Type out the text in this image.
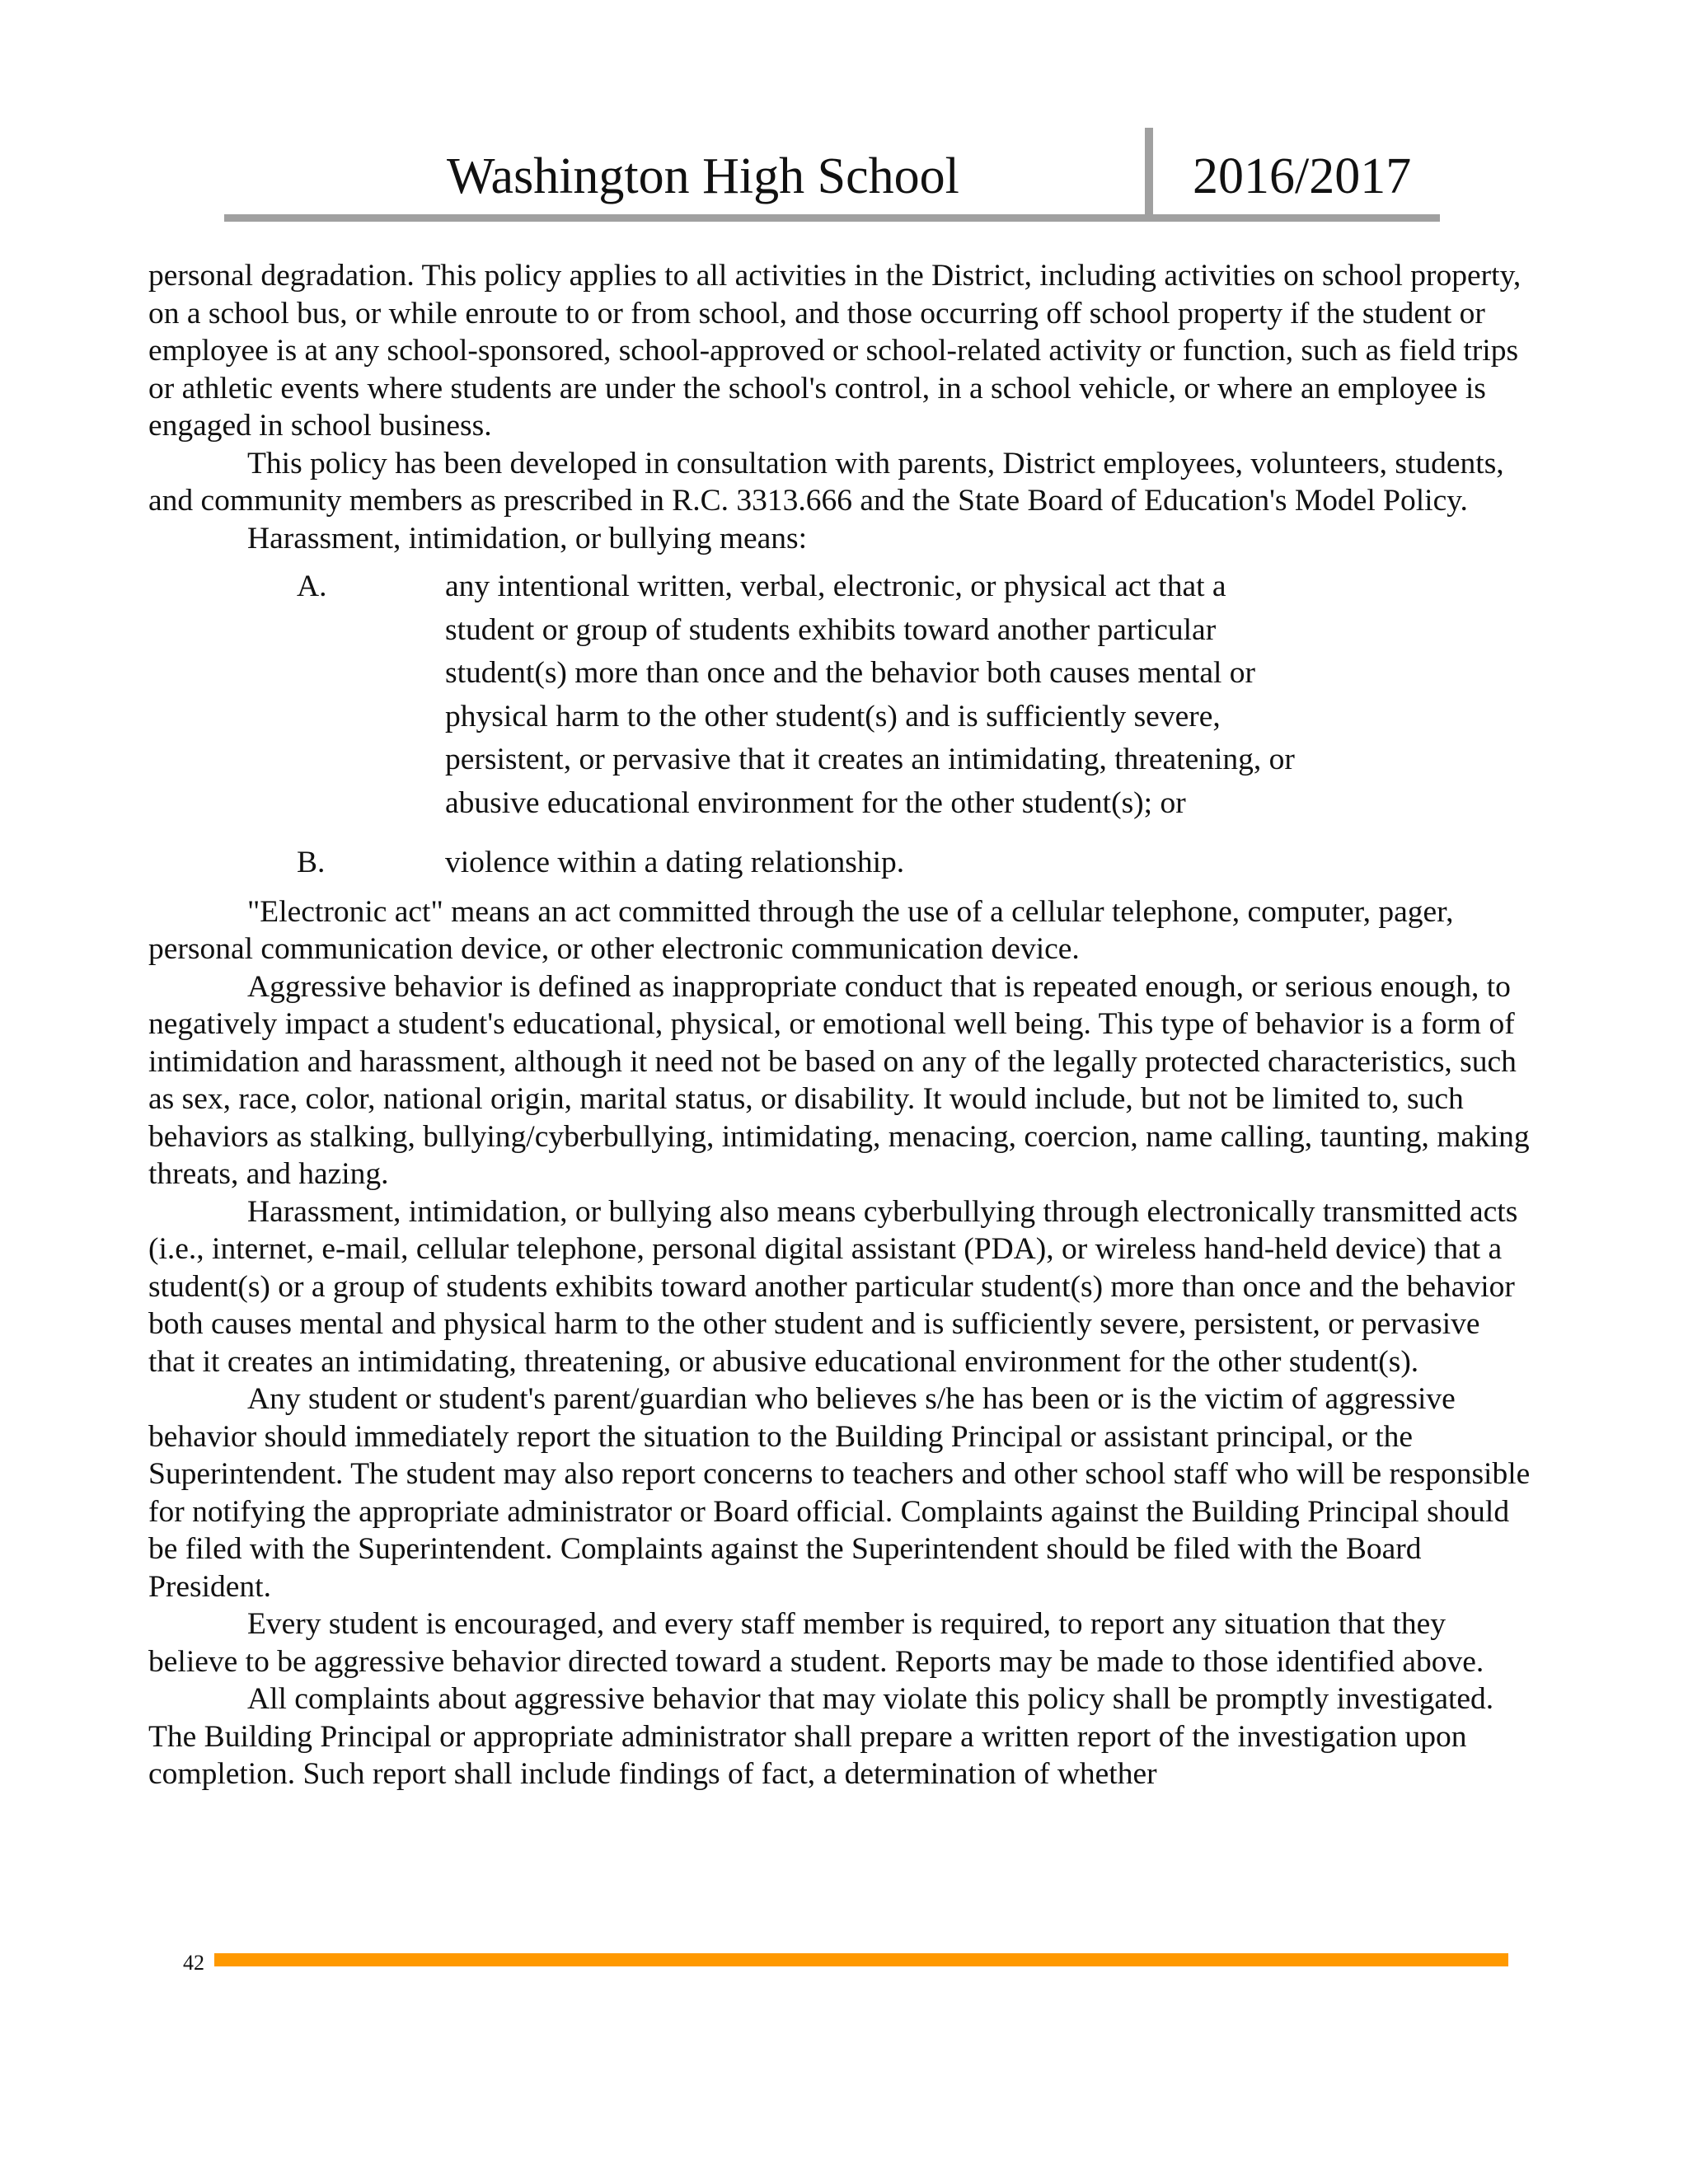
Washington High School	2016/2017

personal degradation. This policy applies to all activities in the District, including activities on school property, on a school bus, or while enroute to or from school, and those occurring off school property if the student or employee is at any school-sponsored, school-approved or school-related activity or function, such as field trips or athletic events where students are under the school's control, in a school vehicle, or where an employee is engaged in school business.

This policy has been developed in consultation with parents, District employees, volunteers, students, and community members as prescribed in R.C. 3313.666 and the State Board of Education's Model Policy.

Harassment, intimidation, or bullying means:

A.	any intentional written, verbal, electronic, or physical act that a student or group of students exhibits toward another particular student(s) more than once and the behavior both causes mental or physical harm to the other student(s) and is sufficiently severe, persistent, or pervasive that it creates an intimidating, threatening, or abusive educational environment for the other student(s); or
B.	violence within a dating relationship.

"Electronic act" means an act committed through the use of a cellular telephone, computer, pager, personal communication device, or other electronic communication device.

Aggressive behavior is defined as inappropriate conduct that is repeated enough, or serious enough, to negatively impact a student's educational, physical, or emotional well being. This type of behavior is a form of intimidation and harassment, although it need not be based on any of the legally protected characteristics, such as sex, race, color, national origin, marital status, or disability. It would include, but not be limited to, such behaviors as stalking, bullying/cyberbullying, intimidating, menacing, coercion, name calling, taunting, making threats, and hazing.

Harassment, intimidation, or bullying also means cyberbullying through electronically transmitted acts (i.e., internet, e-mail, cellular telephone, personal digital assistant (PDA), or wireless hand-held device) that a student(s) or a group of students exhibits toward another particular student(s) more than once and the behavior both causes mental and physical harm to the other student and is sufficiently severe, persistent, or pervasive that it creates an intimidating, threatening, or abusive educational environment for the other student(s).

Any student or student's parent/guardian who believes s/he has been or is the victim of aggressive behavior should immediately report the situation to the Building Principal or assistant principal, or the Superintendent. The student may also report concerns to teachers and other school staff who will be responsible for notifying the appropriate administrator or Board official. Complaints against the Building Principal should be filed with the Superintendent. Complaints against the Superintendent should be filed with the Board President.

Every student is encouraged, and every staff member is required, to report any situation that they believe to be aggressive behavior directed toward a student. Reports may be made to those identified above.

All complaints about aggressive behavior that may violate this policy shall be promptly investigated. The Building Principal or appropriate administrator shall prepare a written report of the investigation upon completion. Such report shall include findings of fact, a determination of whether

42
